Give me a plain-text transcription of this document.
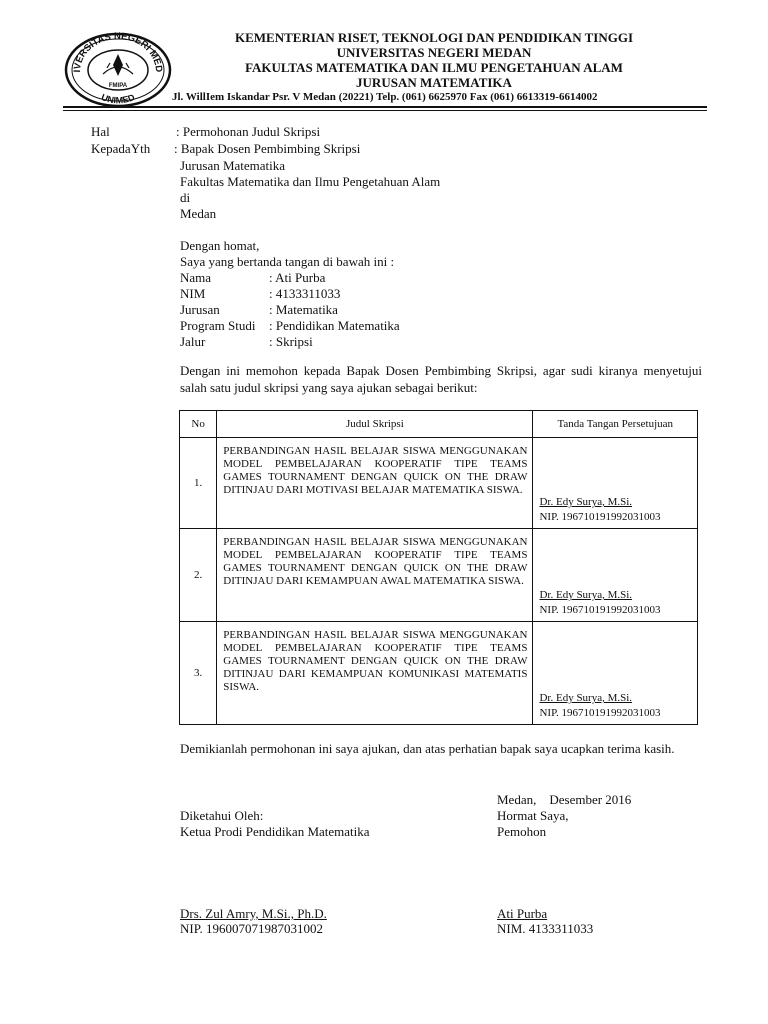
IVERSITAS NEGERI MED
UNIMED
FMIPA
KEMENTERIAN RISET, TEKNOLOGI DAN PENDIDIKAN TINGGI
UNIVERSITAS NEGERI MEDAN
FAKULTAS MATEMATIKA DAN ILMU PENGETAHUAN ALAM
JURUSAN MATEMATIKA
Jl. WillIem Iskandar Psr. V Medan (20221) Telp. (061) 6625970 Fax (061) 6613319-6614002
Hal	: Permohonan Judul Skripsi
KepadaYth : Bapak Dosen Pembimbing Skripsi
Jurusan Matematika
Fakultas Matematika dan Ilmu Pengetahuan Alam
di
Medan
Dengan homat,
Saya yang bertanda tangan di bawah ini :
Nama	: Ati Purba
NIM	: 4133311033
Jurusan	: Matematika
Program Studi : Pendidikan Matematika
Jalur	: Skripsi
Dengan ini memohon kepada Bapak Dosen Pembimbing Skripsi, agar sudi kiranya menyetujui salah satu judul skripsi yang saya ajukan sebagai berikut:
No	Judul Skripsi	Tanda Tangan Persetujuan
1.	PERBANDINGAN HASIL BELAJAR SISWA MENGGUNAKAN MODEL PEMBELAJARAN KOOPERATIF TIPE TEAMS GAMES TOURNAMENT DENGAN QUICK ON THE DRAW DITINJAU DARI MOTIVASI BELAJAR MATEMATIKA SISWA.	Dr. Edy Surya, M.Si.
NIP. 196710191992031003

2.	PERBANDINGAN HASIL BELAJAR SISWA MENGGUNAKAN MODEL PEMBELAJARAN KOOPERATIF TIPE TEAMS GAMES TOURNAMENT DENGAN QUICK ON THE DRAW DITINJAU DARI KEMAMPUAN AWAL MATEMATIKA SISWA.	Dr. Edy Surya, M.Si.
NIP. 196710191992031003

3.	PERBANDINGAN HASIL BELAJAR SISWA MENGGUNAKAN MODEL PEMBELAJARAN KOOPERATIF TIPE TEAMS GAMES TOURNAMENT DENGAN QUICK ON THE DRAW DITINJAU DARI KEMAMPUAN KOMUNIKASI MATEMATIS SISWA.	Dr. Edy Surya, M.Si.
NIP. 196710191992031003
Demikianlah permohonan ini saya ajukan, dan atas perhatian bapak saya ucapkan terima kasih.
Medan,    Desember 2016
Hormat Saya,
Pemohon
Ati Purba
NIM. 4133311033
Diketahui Oleh:
Ketua Prodi Pendidikan Matematika
Drs. Zul Amry, M.Si., Ph.D.
NIP. 196007071987031002
